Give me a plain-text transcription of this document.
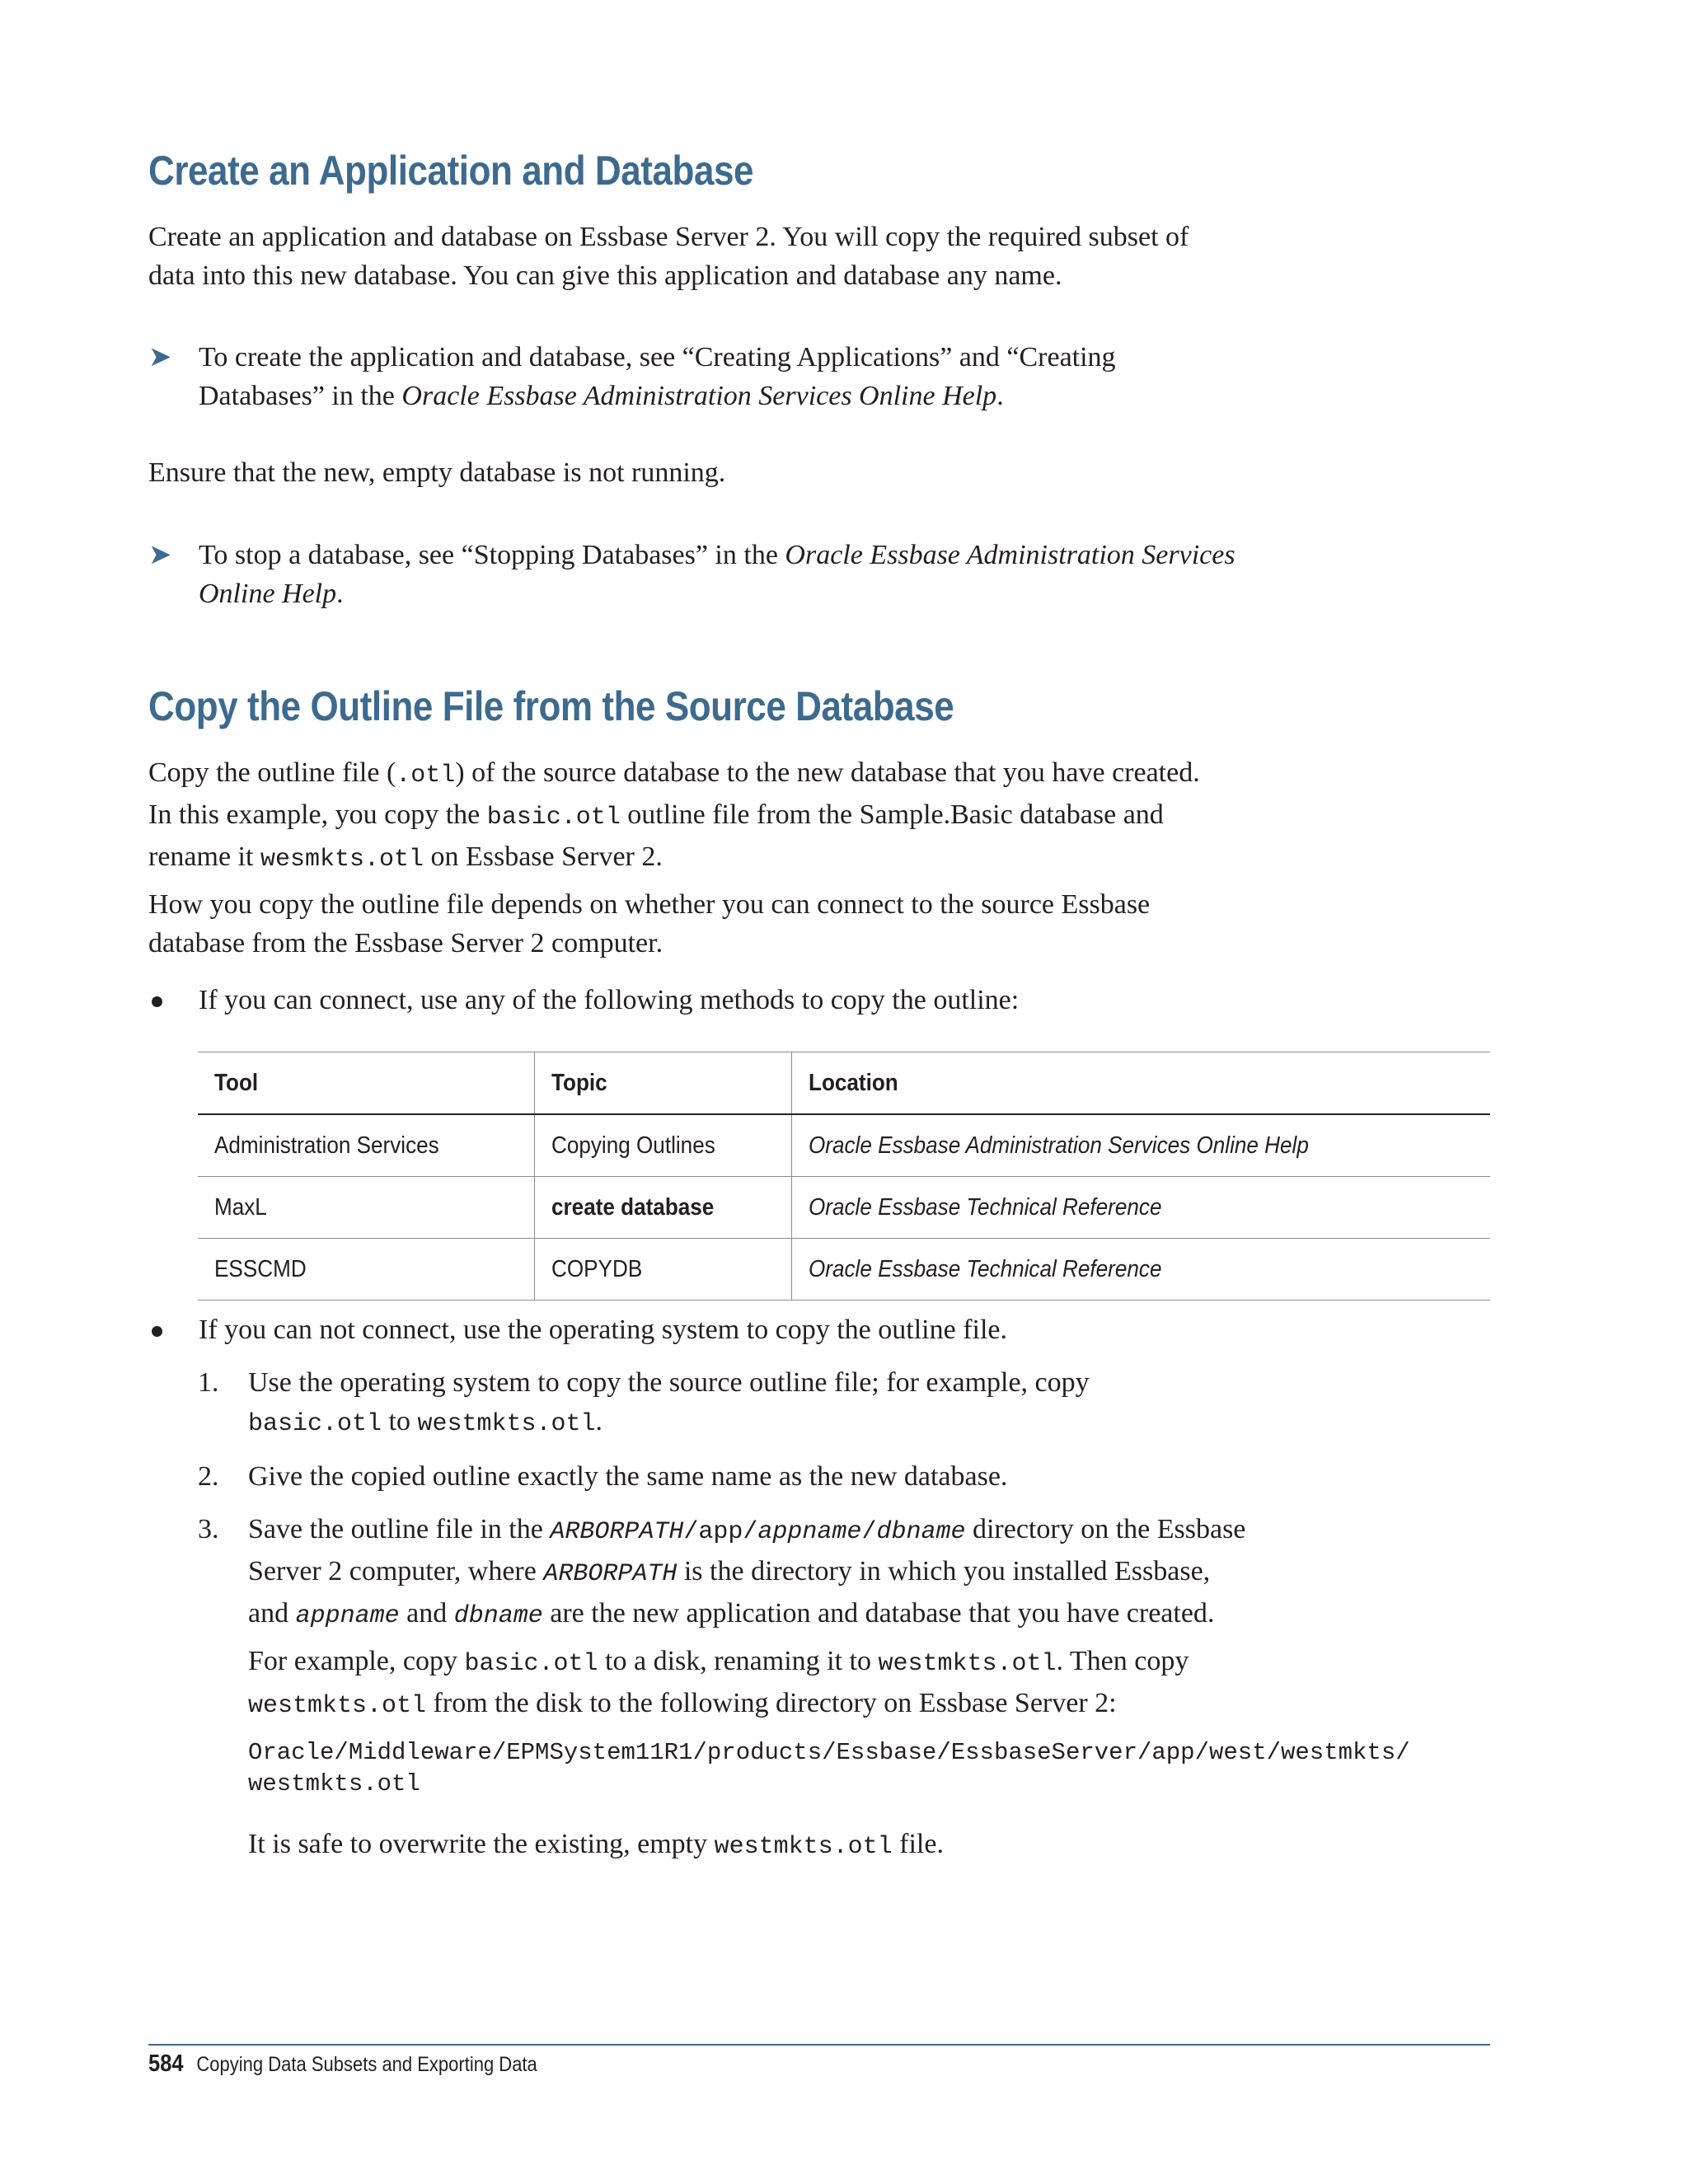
Create an Application and Database

Create an application and database on Essbase Server 2. You will copy the required subset of
data into this new database. You can give this application and database any name.

➤ To create the application and database, see “Creating Applications” and “Creating
Databases” in the Oracle Essbase Administration Services Online Help.

Ensure that the new, empty database is not running.

➤ To stop a database, see “Stopping Databases” in the Oracle Essbase Administration Services
Online Help.
Copy the Outline File from the Source Database

Copy the outline file (.otl) of the source database to the new database that you have created.
In this example, you copy the basic.otl outline file from the Sample.Basic database and
rename it wesmkts.otl on Essbase Server 2.

How you copy the outline file depends on whether you can connect to the source Essbase
database from the Essbase Server 2 computer.

If you can connect, use any of the following methods to copy the outline:
Tool	Topic	Location
Administration Services	Copying Outlines	Oracle Essbase Administration Services Online Help
MaxL	create database	Oracle Essbase Technical Reference
ESSCMD	COPYDB	Oracle Essbase Technical Reference
If you can not connect, use the operating system to copy the outline file.
1. Use the operating system to copy the source outline file; for example, copy
basic.otl to westmkts.otl.
2. Give the copied outline exactly the same name as the new database.
3. Save the outline file in the ARBORPATH/app/appname/dbname directory on the Essbase
Server 2 computer, where ARBORPATH is the directory in which you installed Essbase,
and appname and dbname are the new application and database that you have created.
For example, copy basic.otl to a disk, renaming it to westmkts.otl. Then copy
westmkts.otl from the disk to the following directory on Essbase Server 2:
Oracle/Middleware/EPMSystem11R1/products/Essbase/EssbaseServer/app/west/westmkts/
westmkts.otl
It is safe to overwrite the existing, empty westmkts.otl file.
584 Copying Data Subsets and Exporting Data
